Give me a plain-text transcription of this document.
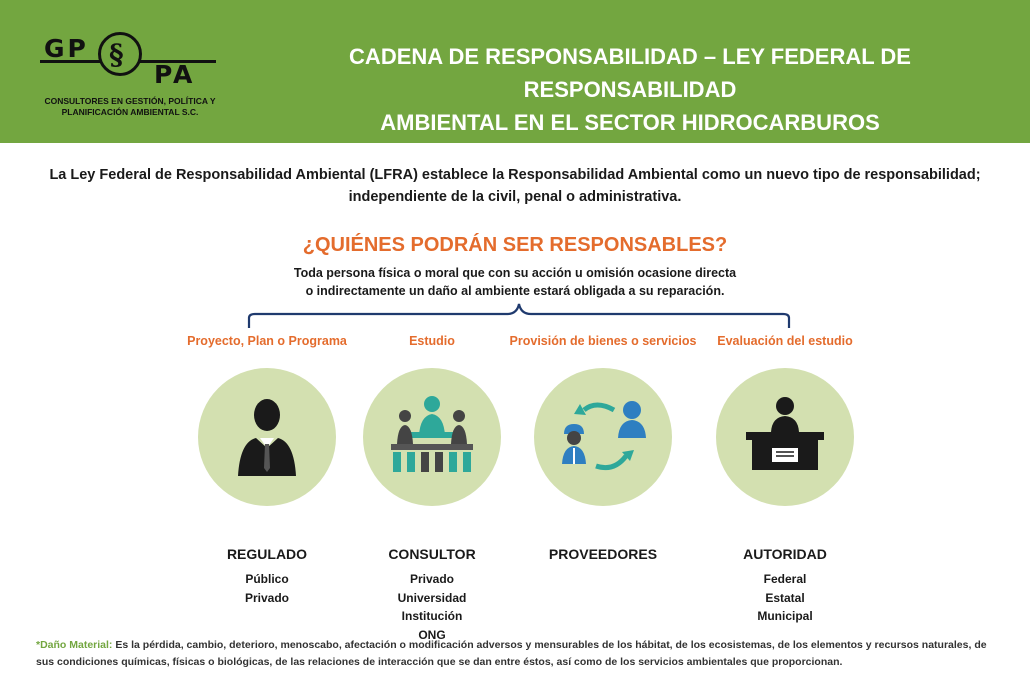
GP
PA
§
CONSULTORES EN GESTIÓN, POLÍTICA Y
PLANIFICACIÓN AMBIENTAL S.C.
CADENA DE RESPONSABILIDAD – LEY FEDERAL DE RESPONSABILIDAD
AMBIENTAL EN EL SECTOR HIDROCARBUROS
La Ley Federal de Responsabilidad Ambiental (LFRA) establece la Responsabilidad Ambiental como un nuevo tipo de responsabilidad;
independiente de la civil, penal o administrativa.
¿QUIÉNES PODRÁN SER RESPONSABLES?
Toda persona física o moral que con su acción u omisión ocasione directa
o indirectamente un daño al ambiente estará obligada a su reparación.
Proyecto, Plan o Programa
REGULADO
Público
Privado
Estudio
CONSULTOR
Privado
Universidad
Institución
ONG
Provisión de bienes o servicios
PROVEEDORES
Evaluación del estudio
AUTORIDAD
Federal
Estatal
Municipal
*Daño Material: Es la pérdida, cambio, deterioro, menoscabo, afectación o modificación adversos y mensurables de los hábitat, de los ecosistemas, de los elementos y recursos naturales, de sus condiciones químicas, físicas o biológicas, de las relaciones de interacción que se dan entre éstos, así como de los servicios ambientales que proporcionan.
